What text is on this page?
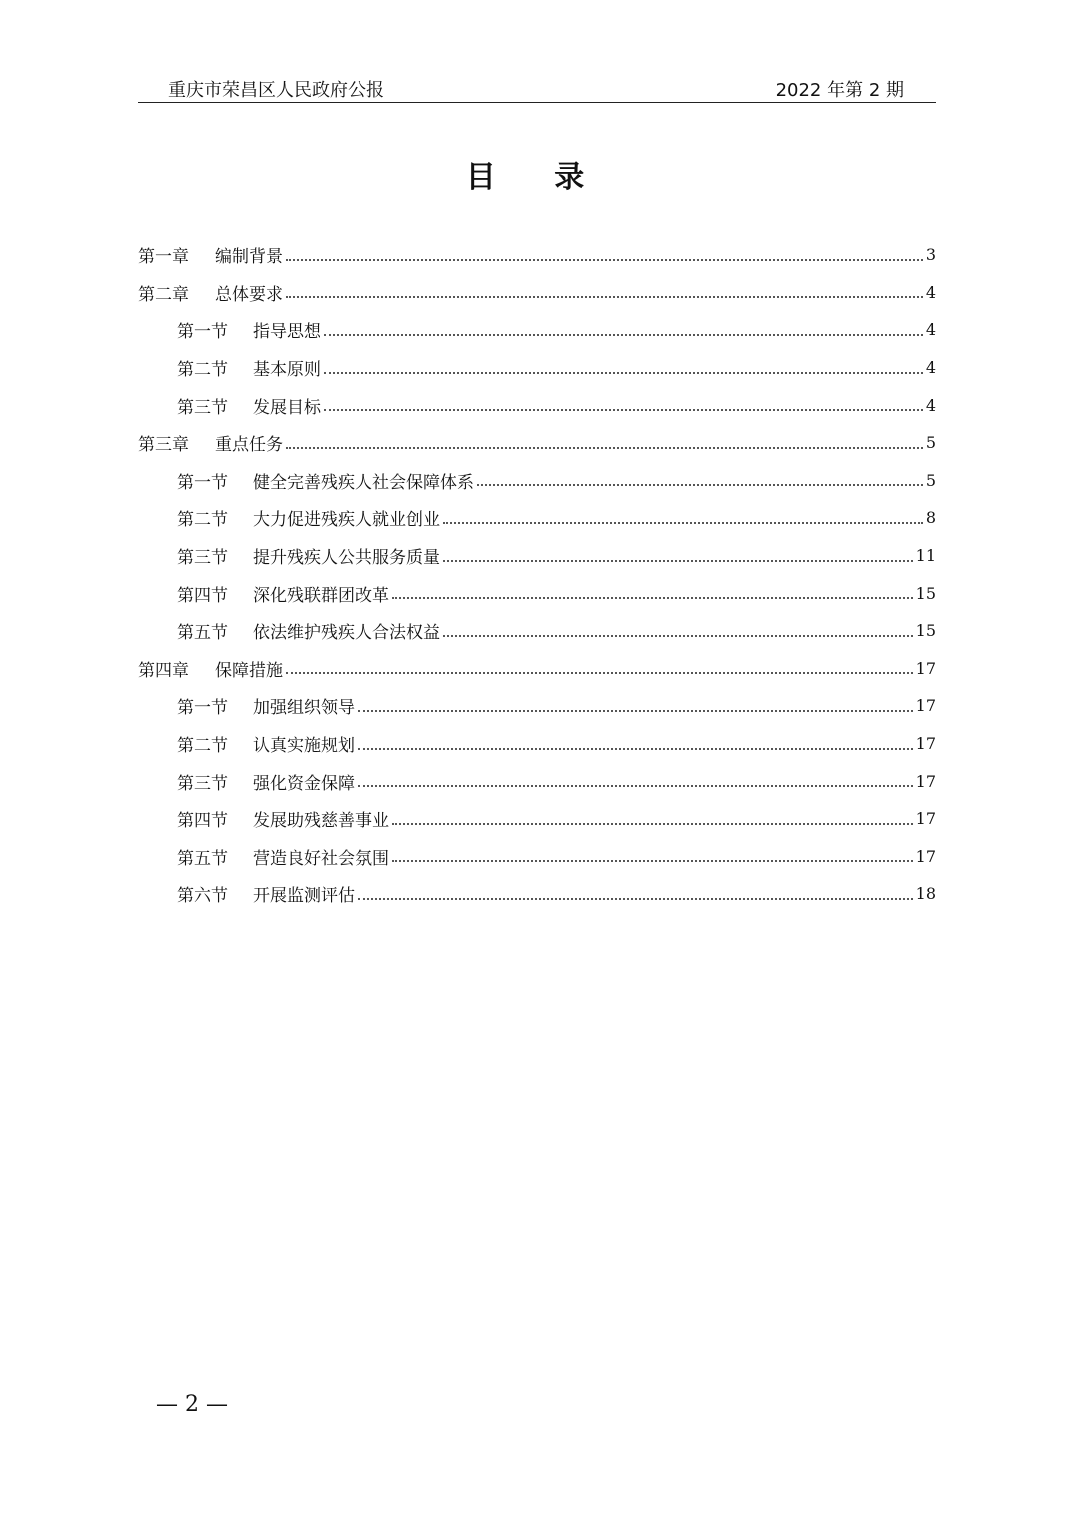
重庆市荣昌区人民政府公报	2022 年第 2 期
目 录
第一章 编制背景	3
第二章 总体要求	4
第一节 指导思想	4
第二节 基本原则	4
第三节 发展目标	4
第三章 重点任务	5
第一节 健全完善残疾人社会保障体系	5
第二节 大力促进残疾人就业创业	8
第三节 提升残疾人公共服务质量	11
第四节 深化残联群团改革	15
第五节 依法维护残疾人合法权益	15
第四章 保障措施	17
第一节 加强组织领导	17
第二节 认真实施规划	17
第三节 强化资金保障	17
第四节 发展助残慈善事业	17
第五节 营造良好社会氛围	17
第六节 开展监测评估	18
— 2 —
